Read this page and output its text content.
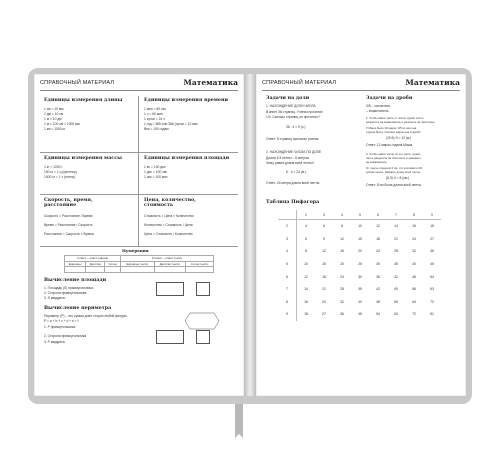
СПРАВОЧНЫЙ МАТЕРИАЛ	Математика
Единицы измерения длины
1 см = 10 мм
1 дм = 10 см
1 м = 10 дм
1 м = 100 см = 1000 мм
1 км = 1000 м
Единицы измерения времени
1 мин = 60 сек
1 ч = 60 мин
1 сутки = 24 ч
1 год = 365 или 366 (сутки = 12 мес
Век = 100 годам
Единицы измерения массы
1 кг = 1000 г
100 кг = 1 ц (центнер)
1000 кг = 1 т (тонна)
Единицы измерения площади
1 м² = 100 дм²
1 дм² = 100 см²
1 см² = 100 мм²
Скорость, время, расстояние
Скорость = Расстояние / Время
Время = Расстояние / Скорость
Расстояние = Скорость × Время
Цена, количество, стоимость
Стоимость = Цена × Количество
Количество = Стоимость / Цена
Цена = Стоимость / Количество
Нумерация
I класс – класс единиц			II класс – класс тысяч		
Единицы	Десятки	Сотни	Единицы тысяч	Десятки тысяч	Сотни тысяч

Вычисление площади
1. Площадь (S) прямоугольника:
2. Сторона прямоугольника:
3. S квадрата:
Вычисление периметра
Периметр (P) – это сумма длин сторон любой фигуры.
P = a + b + c + d + e + f
1. P прямоугольника
2. Сторона прямоугольника
3. P квадрата
СПРАВОЧНЫЙ МАТЕРИАЛ	Математика
Задачи на доли
1. НАХОЖДЕНИЕ ДОЛИ ЧИСЛА
В книге 36 страниц. Ученик прочитал
1/4. Сколько страниц он прочитал?
36 : 4 = 9 (с.)
Ответ: 9 страниц прочитал ученик.
2. НАХОЖДЕНИЕ ЧИСЛА ПО ДОЛЕ
Длина 1/4 ленты – 6 метров.
Чему равна длина всей ленты?
6 · 4 = 24 (м.)
Ответ: 24 метра длина всей ленты.
Задачи на дроби
3/5 – числитель
– знаменатель
1. Чтобы найти часть от числа, нужно число
разделить на знаменатель и умножить на числитель.
У Маши было 20 марок. 3/5 из них она
отдала брату. Сколько марок она отдала?
(20:5)·3 = 12 (м.)
Ответ: 12 марок отдала Маша.
2. Чтобы найти число по его части, нужно
часть разделить на числитель и умножить
на знаменатель.
От ленты отрезали 6 см, что составило 3/4
длины ленты. Найдите длину всей ленты.
(6:3)·4 = 8 (см.)
Ответ: 8 см была длина всей ленты.
Таблица Пифагора
	2	3	4	5	6	7	8	9
2	4	6	8	10	12	14	16	18
3	6	9	12	15	18	21	24	27
4	8	12	16	20	24	28	32	36
5	10	15	20	25	30	35	40	45
6	12	18	24	30	36	42	48	54
7	14	21	28	35	42	49	56	63
8	16	24	32	40	48	56	64	72
9	18	27	36	45	54	63	72	81
